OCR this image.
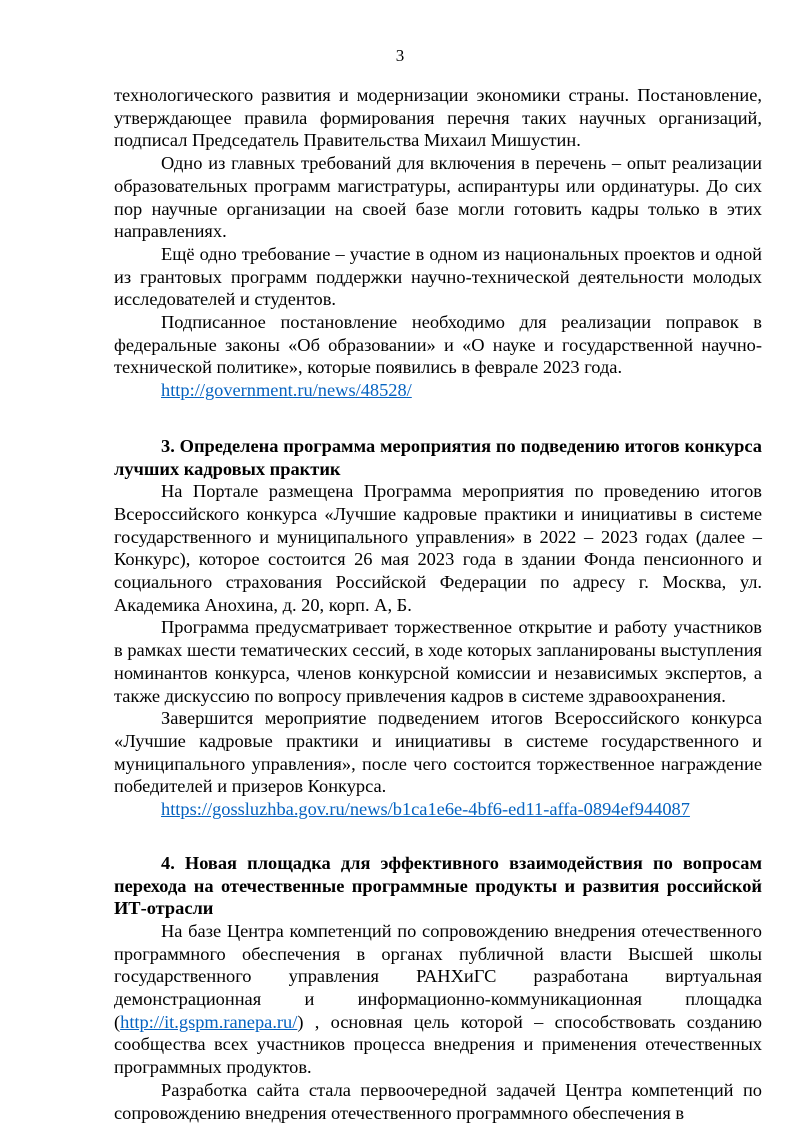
3

технологического развития и модернизации экономики страны. Постановление, утверждающее правила формирования перечня таких научных организаций, подписал Председатель Правительства Михаил Мишустин.

Одно из главных требований для включения в перечень – опыт реализации образовательных программ магистратуры, аспирантуры или ординатуры. До сих пор научные организации на своей базе могли готовить кадры только в этих направлениях.

Ещё одно требование – участие в одном из национальных проектов и одной из грантовых программ поддержки научно-технической деятельности молодых исследователей и студентов.

Подписанное постановление необходимо для реализации поправок в федеральные законы «Об образовании» и «О науке и государственной научно-технической политике», которые появились в феврале 2023 года.

http://government.ru/news/48528/

3. Определена программа мероприятия по подведению итогов конкурса лучших кадровых практик

На Портале размещена Программа мероприятия по проведению итогов Всероссийского конкурса «Лучшие кадровые практики и инициативы в системе государственного и муниципального управления» в 2022 – 2023 годах (далее – Конкурс), которое состоится 26 мая 2023 года в здании Фонда пенсионного и социального страхования Российской Федерации по адресу г. Москва, ул. Академика Анохина, д. 20, корп. А, Б.

Программа предусматривает торжественное открытие и работу участников в рамках шести тематических сессий, в ходе которых запланированы выступления номинантов конкурса, членов конкурсной комиссии и независимых экспертов, а также дискуссию по вопросу привлечения кадров в системе здравоохранения.

Завершится мероприятие подведением итогов Всероссийского конкурса «Лучшие кадровые практики и инициативы в системе государственного и муниципального управления», после чего состоится торжественное награждение победителей и призеров Конкурса.

https://gossluzhba.gov.ru/news/b1ca1e6e-4bf6-ed11-affa-0894ef944087

4. Новая площадка для эффективного взаимодействия по вопросам перехода на отечественные программные продукты и развития российской ИТ-отрасли

На базе Центра компетенций по сопровождению внедрения отечественного программного обеспечения в органах публичной власти Высшей школы государственного управления РАНХиГС разработана виртуальная демонстрационная и информационно-коммуникационная площадка (http://it.gspm.ranepa.ru/) , основная цель которой – способствовать созданию сообщества всех участников процесса внедрения и применения отечественных программных продуктов.

Разработка сайта стала первоочередной задачей Центра компетенций по сопровождению внедрения отечественного программного обеспечения в
